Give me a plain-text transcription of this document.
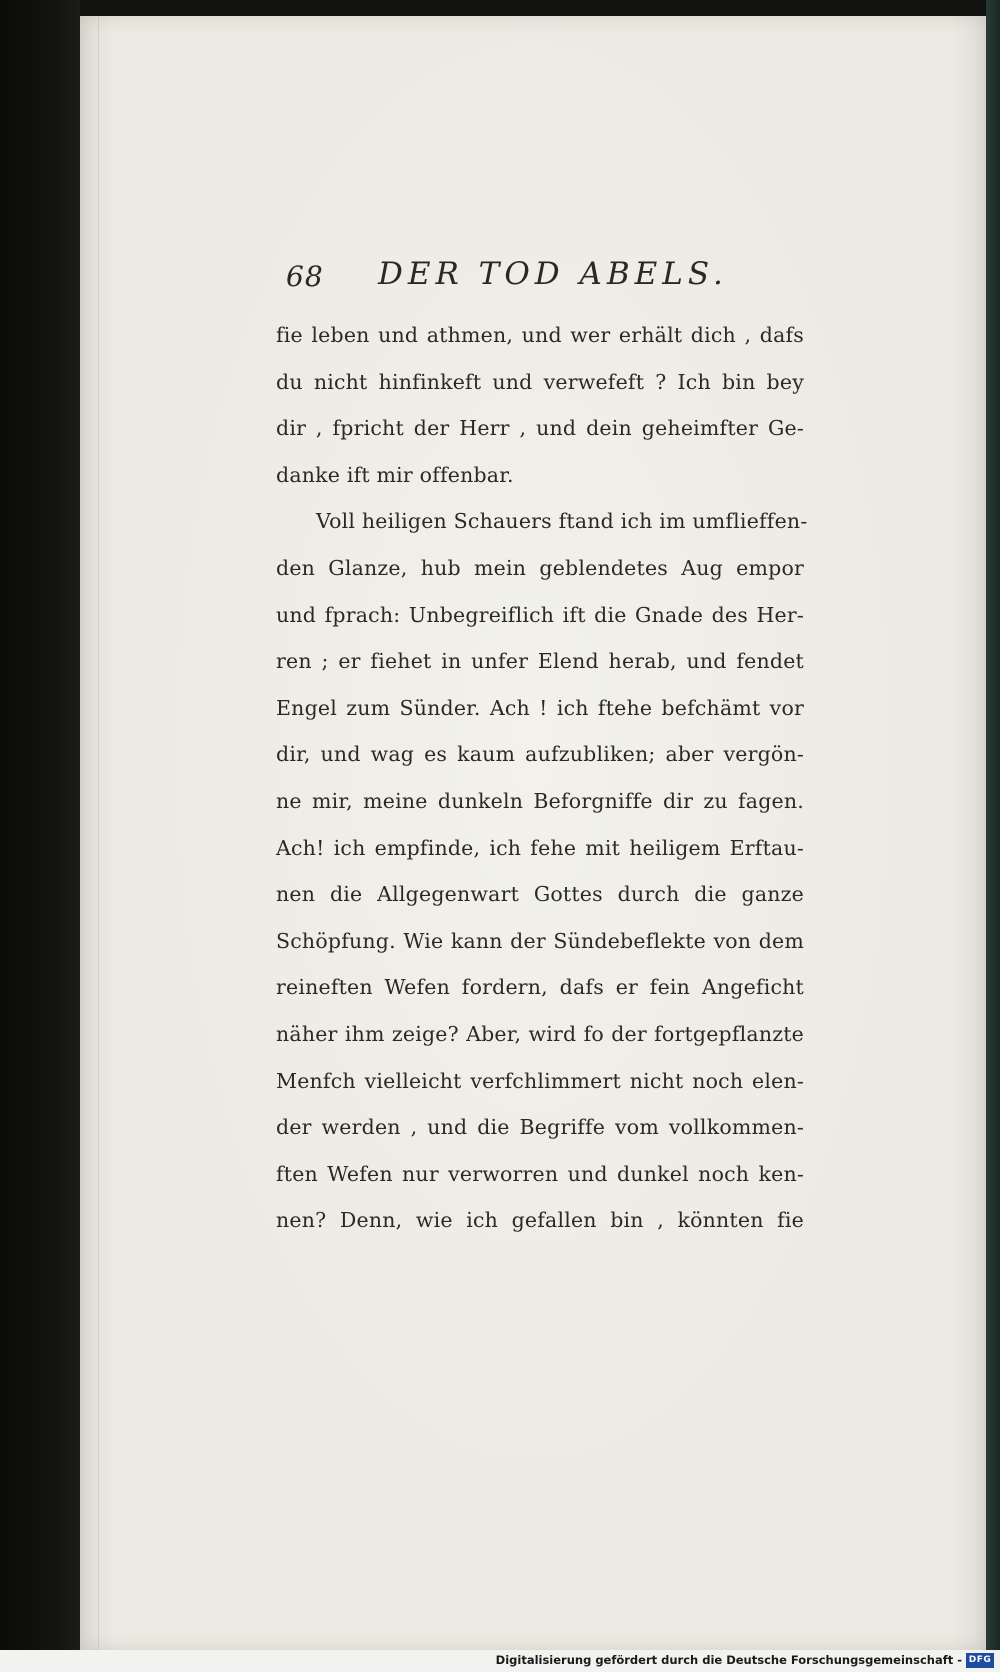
68 DER TOD ABELS.
fie leben und athmen, und wer erhält dich , dafs
du nicht hinfinkeft und verwefeft ? Ich bin bey
dir , fpricht der Herr , und dein geheimfter Ge-
danke ift mir offenbar.
Voll heiligen Schauers ftand ich im umflieffen-
den Glanze, hub mein geblendetes Aug empor
und fprach: Unbegreiflich ift die Gnade des Her-
ren ; er fiehet in unfer Elend herab, und fendet
Engel zum Sünder. Ach ! ich ftehe befchämt vor
dir, und wag es kaum aufzubliken; aber vergön-
ne mir, meine dunkeln Beforgniffe dir zu fagen.
Ach! ich empfinde, ich fehe mit heiligem Erftau-
nen die Allgegenwart Gottes durch die ganze
Schöpfung. Wie kann der Sündebeflekte von dem
reineften Wefen fordern, dafs er fein Angeficht
näher ihm zeige? Aber, wird fo der fortgepflanzte
Menfch vielleicht verfchlimmert nicht noch elen-
der werden , und die Begriffe vom vollkommen-
ften Wefen nur verworren und dunkel noch ken-
nen? Denn, wie ich gefallen bin , könnten fie
Digitalisierung gefördert durch die Deutsche Forschungsgemeinschaft - DFG
